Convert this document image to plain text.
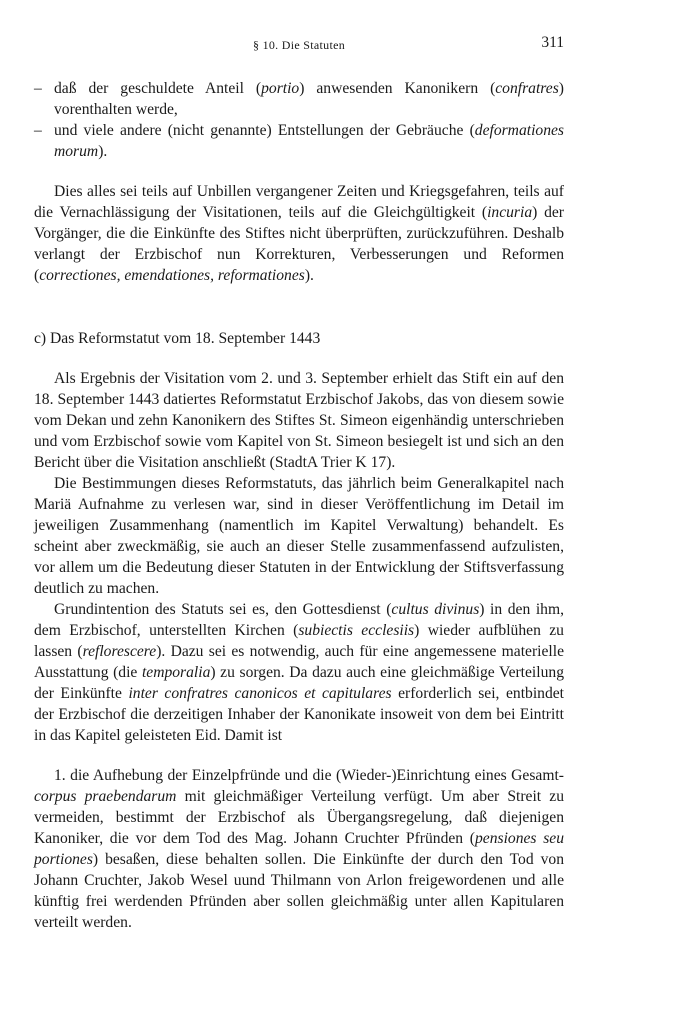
§ 10. Die Statuten	311
– daß der geschuldete Anteil (portio) anwesenden Kanonikern (confratres) vorenthalten werde,
– und viele andere (nicht genannte) Entstellungen der Gebräuche (deformationes morum).

Dies alles sei teils auf Unbillen vergangener Zeiten und Kriegsgefahren, teils auf die Vernachlässigung der Visitationen, teils auf die Gleichgültigkeit (incuria) der Vorgänger, die die Einkünfte des Stiftes nicht überprüften, zurückzuführen. Deshalb verlangt der Erzbischof nun Korrekturen, Verbesserungen und Reformen (correctiones, emendationes, reformationes).

c) Das Reformstatut vom 18. September 1443

Als Ergebnis der Visitation vom 2. und 3. September erhielt das Stift ein auf den 18. September 1443 datiertes Reformstatut Erzbischof Jakobs, das von diesem sowie vom Dekan und zehn Kanonikern des Stiftes St. Simeon eigenhändig unterschrieben und vom Erzbischof sowie vom Kapitel von St. Simeon besiegelt ist und sich an den Bericht über die Visitation anschließt (StadtA Trier K 17).

Die Bestimmungen dieses Reformstatuts, das jährlich beim Generalkapitel nach Mariä Aufnahme zu verlesen war, sind in dieser Veröffentlichung im Detail im jeweiligen Zusammenhang (namentlich im Kapitel Verwaltung) behandelt. Es scheint aber zweckmäßig, sie auch an dieser Stelle zusammenfassend aufzulisten, vor allem um die Bedeutung dieser Statuten in der Entwicklung der Stiftsverfassung deutlich zu machen.

Grundintention des Statuts sei es, den Gottesdienst (cultus divinus) in den ihm, dem Erzbischof, unterstellten Kirchen (subiectis ecclesiis) wieder aufblühen zu lassen (reflorescere). Dazu sei es notwendig, auch für eine angemessene materielle Ausstattung (die temporalia) zu sorgen. Da dazu auch eine gleichmäßige Verteilung der Einkünfte inter confratres canonicos et capitulares erforderlich sei, entbindet der Erzbischof die derzeitigen Inhaber der Kanonikate insoweit von dem bei Eintritt in das Kapitel geleisteten Eid. Damit ist

1. die Aufhebung der Einzelpfründe und die (Wieder-)Einrichtung eines Gesamt-corpus praebendarum mit gleichmäßiger Verteilung verfügt. Um aber Streit zu vermeiden, bestimmt der Erzbischof als Übergangsregelung, daß diejenigen Kanoniker, die vor dem Tod des Mag. Johann Cruchter Pfründen (pensiones seu portiones) besaßen, diese behalten sollen. Die Einkünfte der durch den Tod von Johann Cruchter, Jakob Wesel uund Thilmann von Arlon freigewordenen und alle künftig frei werdenden Pfründen aber sollen gleichmäßig unter allen Kapitularen verteilt werden.
